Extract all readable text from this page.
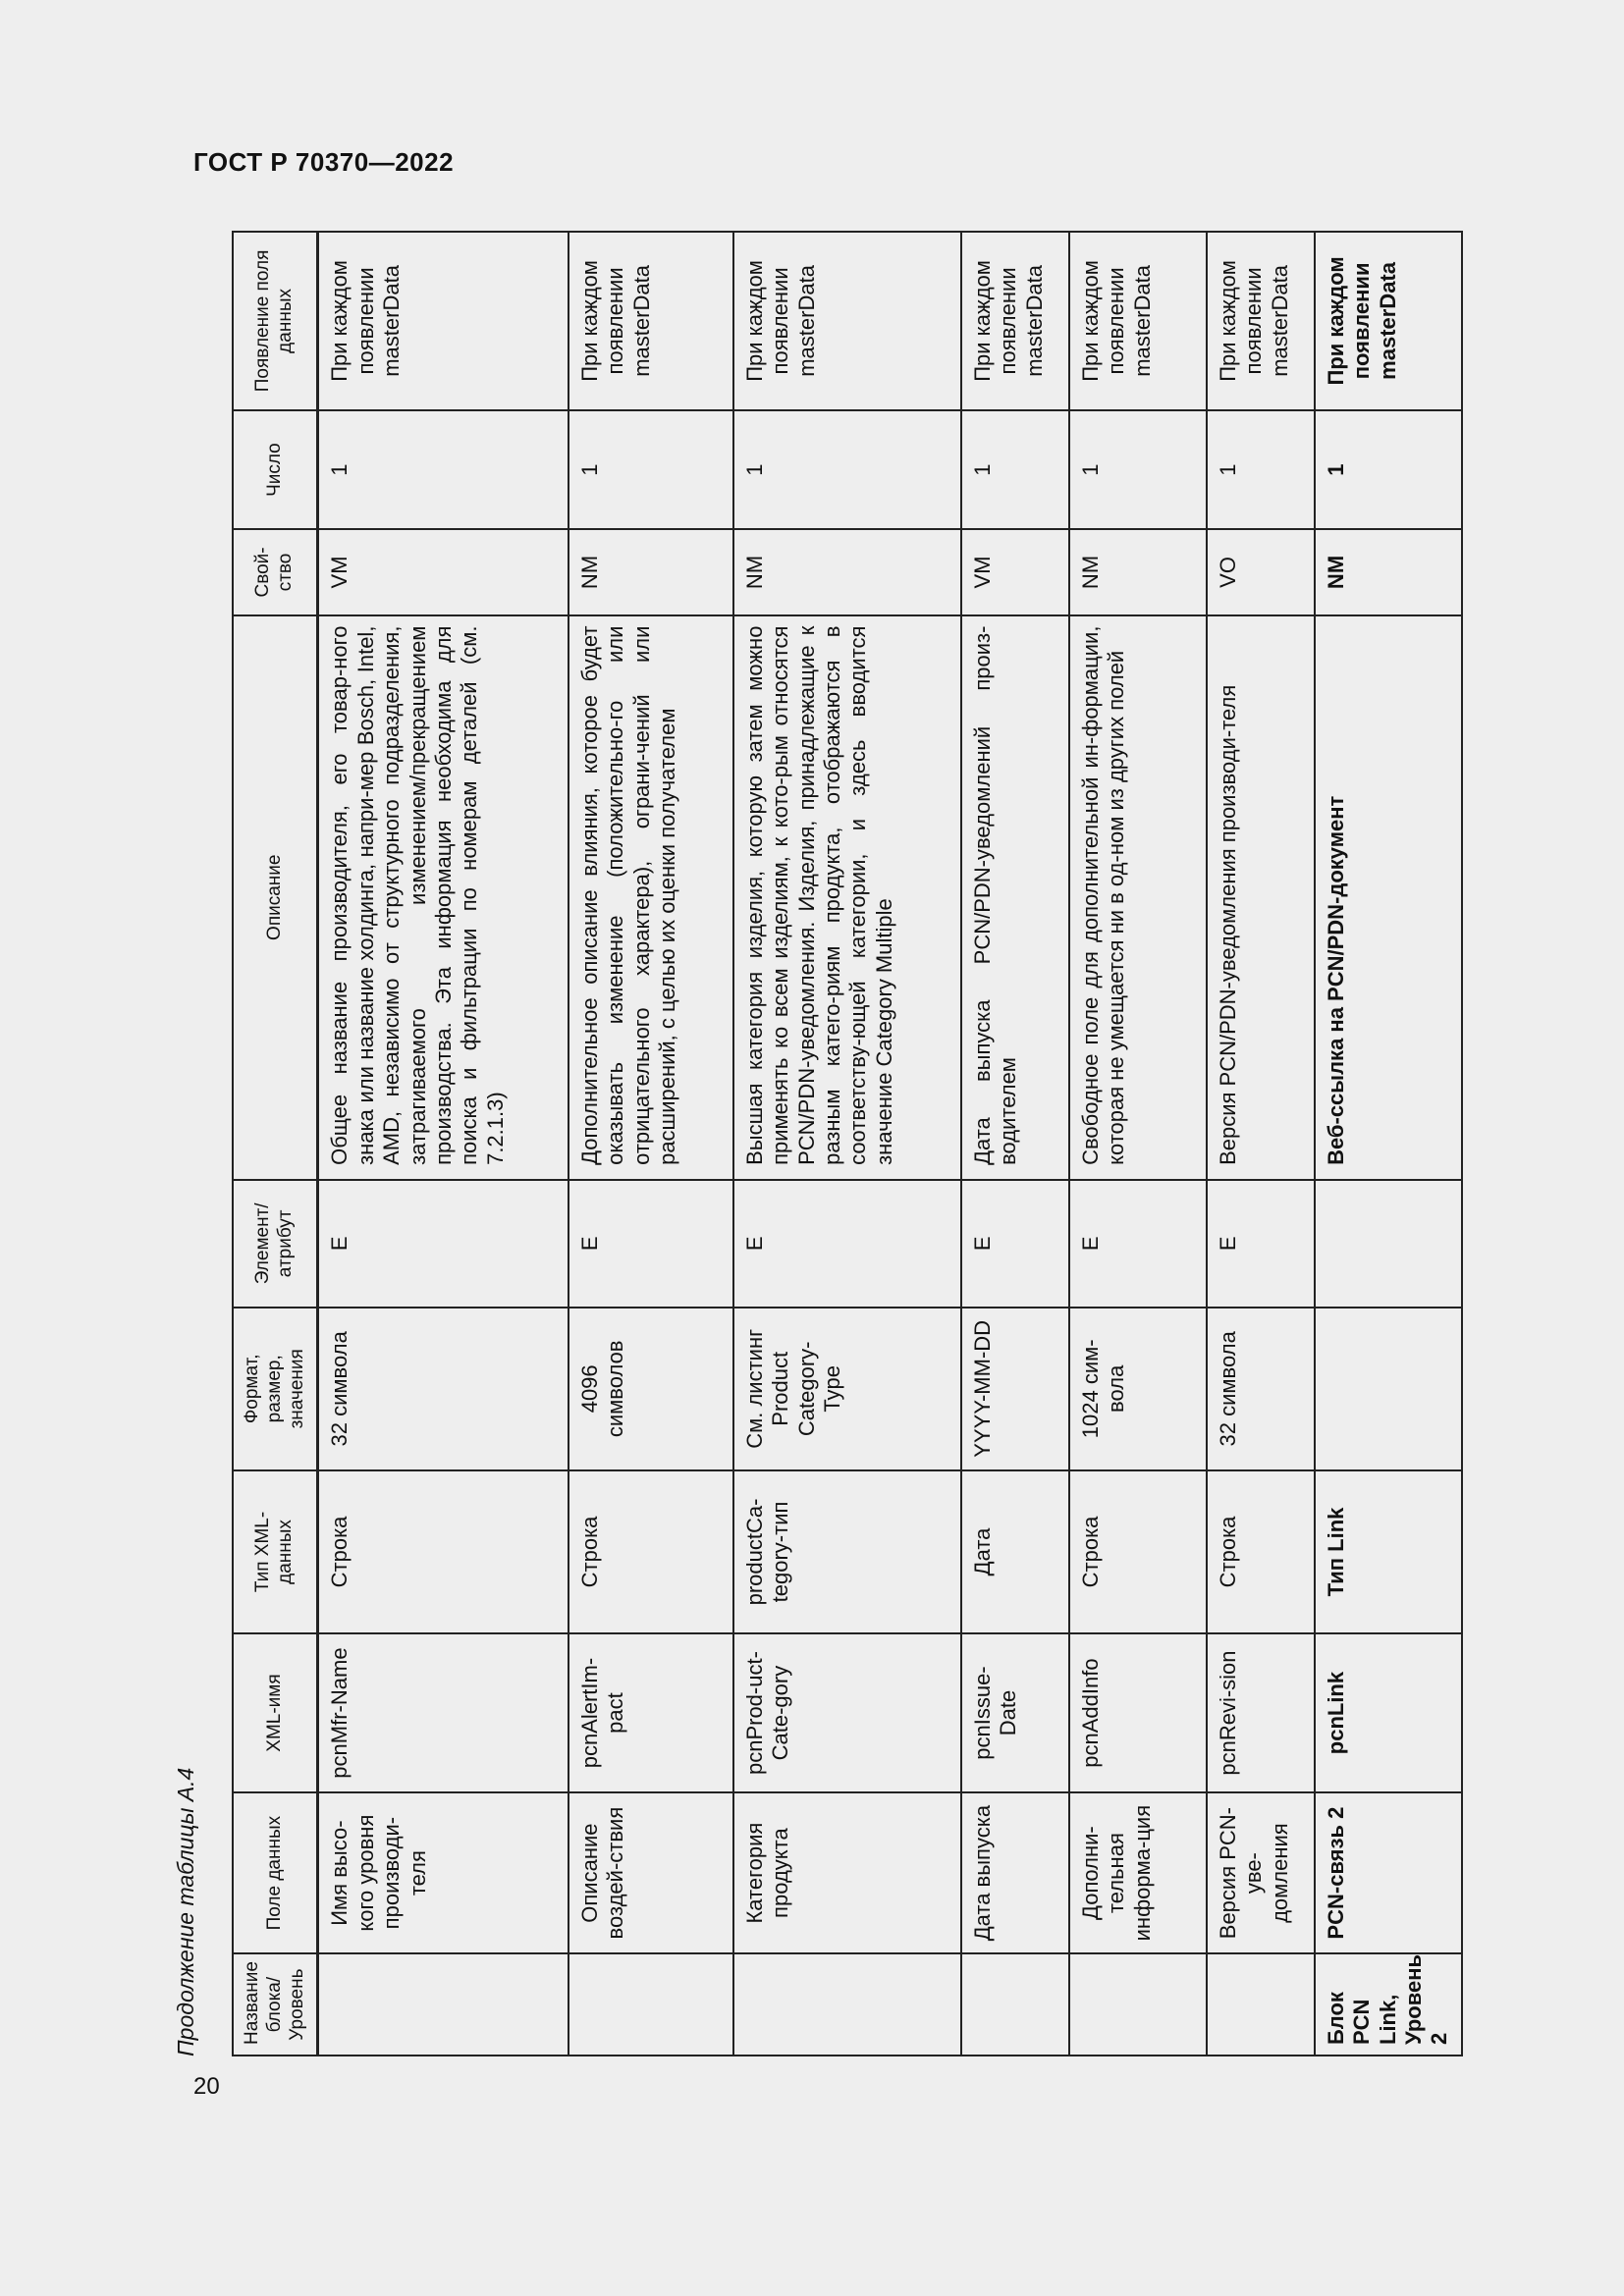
ГОСТ Р 70370—2022
Продолжение таблицы А.4 Название блока/ Уровень	Поле данных	XML-имя	Тип XML-данных	Формат, размер, значения	Элемент/ атрибут	Описание	Свой-ство	Число	Появление поля данных
	Имя высо-кого уровня производи-теля	pcnMfr-Name	Строка	32 символа	E	Общее название производителя, его товар-ного знака или название холдинга, напри-мер Bosch, Intel, AMD, независимо от структурного подразделения, затрагиваемого изменением/прекращением производства. Эта информация необходима для поиска и фильтрации по номерам деталей (см. 7.2.1.3)	VM	1	При каждом появлении masterData
	Описание воздей-ствия	pcnAlertIm-pact	Строка	4096 символов	E	Дополнительное описание влияния, которое будет оказывать изменение (положительно-го или отрицательного характера), ограни-чений или расширений, с целью их оценки получателем	NM	1	При каждом появлении masterData
	Категория продукта	pcnProd-uct-Cate-gory	productCa-tegory-тип	См. листинг Product Category-Type	E	Высшая категория изделия, которую затем можно применять ко всем изделиям, к кото-рым относятся PCN/PDN-уведомления. Изделия, принадлежащие к разным катего-риям продукта, отображаются в соответству-ющей категории, и здесь вводится значение Category Multiple	NM	1	При каждом появлении masterData
	Дата выпуска	pcnIssue-Date	Дата	YYYY-MM-DD	E	Дата выпуска PCN/PDN-уведомлений произ-водителем	VM	1	При каждом появлении masterData
	Дополни-тельная информа-ция	pcnAddInfo	Строка	1024 сим-вола	E	Свободное поле для дополнительной ин-формации, которая не умещается ни в од-ном из других полей	NM	1	При каждом появлении masterData
	Версия PCN-уве-домления	pcnRevi-sion	Строка	32 символа	E	Версия PCN/PDN-уведомления производи-теля	VO	1	При каждом появлении masterData
Блок PCN Link, Уровень 2	PCN-связь 2	pcnLink	Тип Link			Веб-ссылка на PCN/PDN-документ	NM	1	При каждом появлении masterData
20
